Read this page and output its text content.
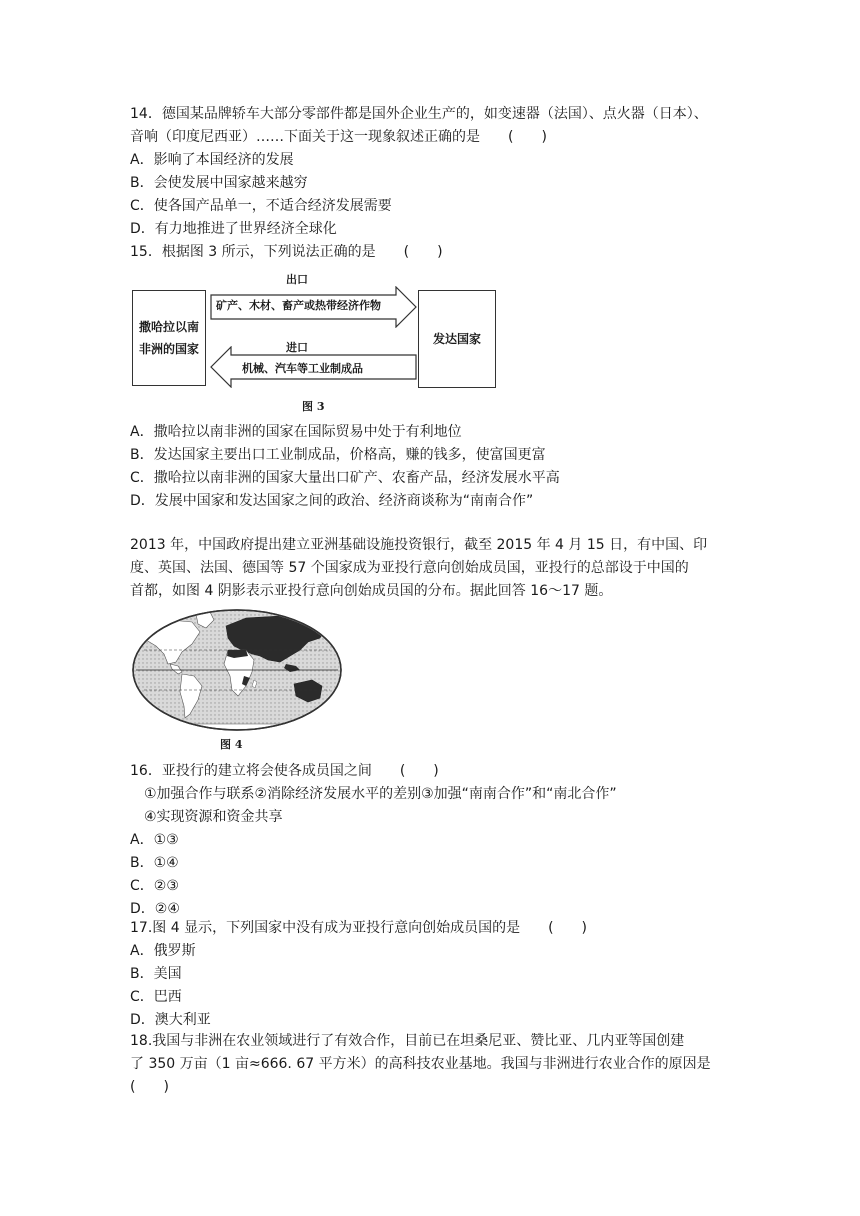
14．德国某品牌轿车大部分零部件都是国外企业生产的，如变速器（法国）、点火器（日本）、
音响（印度尼西亚）……下面关于这一现象叙述正确的是　　(　　)
A．影响了本国经济的发展
B．会使发展中国家越来越穷
C．使各国产品单一，不适合经济发展需要
D．有力地推进了世界经济全球化
15．根据图 3 所示，下列说法正确的是　　(　　)
撒哈拉以南非洲的国家
发达国家
出口
矿产、木材、畜产或热带经济作物
进口
机械、汽车等工业制成品
图 3
A．撒哈拉以南非洲的国家在国际贸易中处于有利地位
B．发达国家主要出口工业制成品，价格高，赚的钱多，使富国更富
C．撒哈拉以南非洲的国家大量出口矿产、农畜产品，经济发展水平高
D．发展中国家和发达国家之间的政治、经济商谈称为“南南合作”
2013 年，中国政府提出建立亚洲基础设施投资银行，截至 2015 年 4 月 15 日，有中国、印
度、英国、法国、德国等 57 个国家成为亚投行意向创始成员国，亚投行的总部设于中国的
首都，如图 4 阴影表示亚投行意向创始成员国的分布。据此回答 16～17 题。
图 4
16．亚投行的建立将会使各成员国之间　　(　　)
①加强合作与联系②消除经济发展水平的差别③加强“南南合作”和“南北合作”
④实现资源和资金共享
A．①③
B．①④
C．②③
D．②④
17.图 4 显示，下列国家中没有成为亚投行意向创始成员国的是　　(　　)
A．俄罗斯
B．美国
C．巴西
D．澳大利亚
18.我国与非洲在农业领域进行了有效合作，目前已在坦桑尼亚、赞比亚、几内亚等国创建
了 350 万亩（1 亩≈666. 67 平方米）的高科技农业基地。我国与非洲进行农业合作的原因是
(　　)
